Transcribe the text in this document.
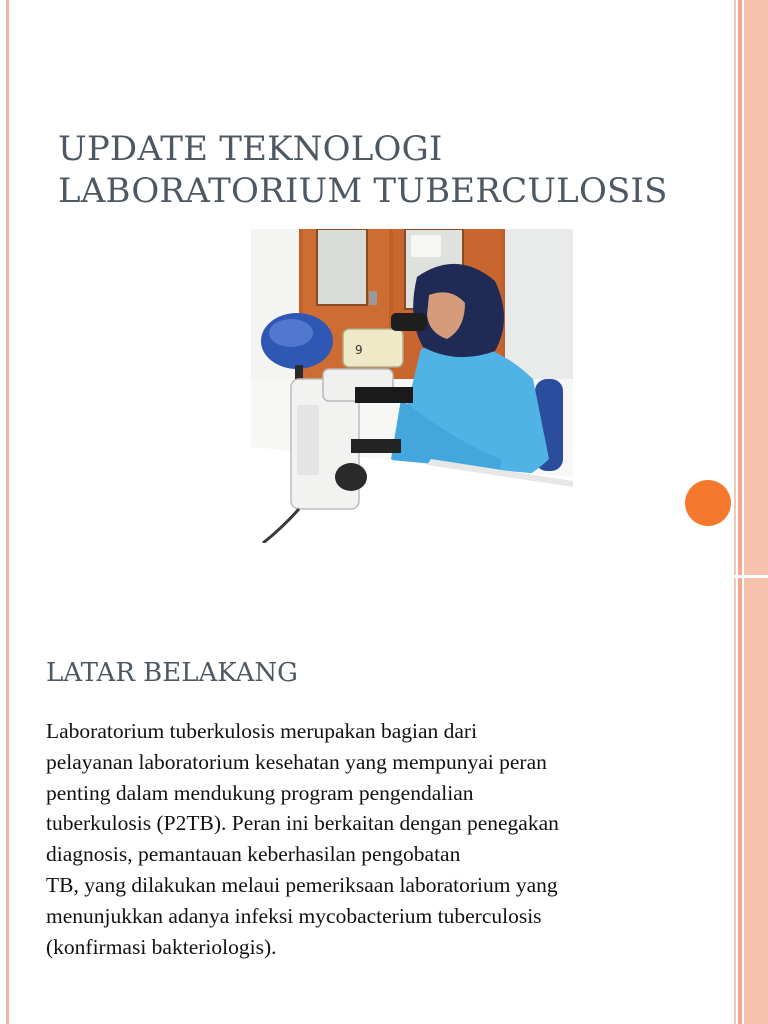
UPDATE TEKNOLOGI
LABORATORIUM TUBERCULOSIS
9
LATAR BELAKANG
Laboratorium tuberkulosis merupakan bagian dari
pelayanan laboratorium kesehatan yang mempunyai peran
penting dalam mendukung program pengendalian
tuberkulosis (P2TB). Peran ini berkaitan dengan penegakan
diagnosis, pemantauan keberhasilan pengobatan
TB, yang dilakukan melaui pemeriksaan laboratorium yang
menunjukkan adanya infeksi mycobacterium tuberculosis
(konfirmasi bakteriologis).
